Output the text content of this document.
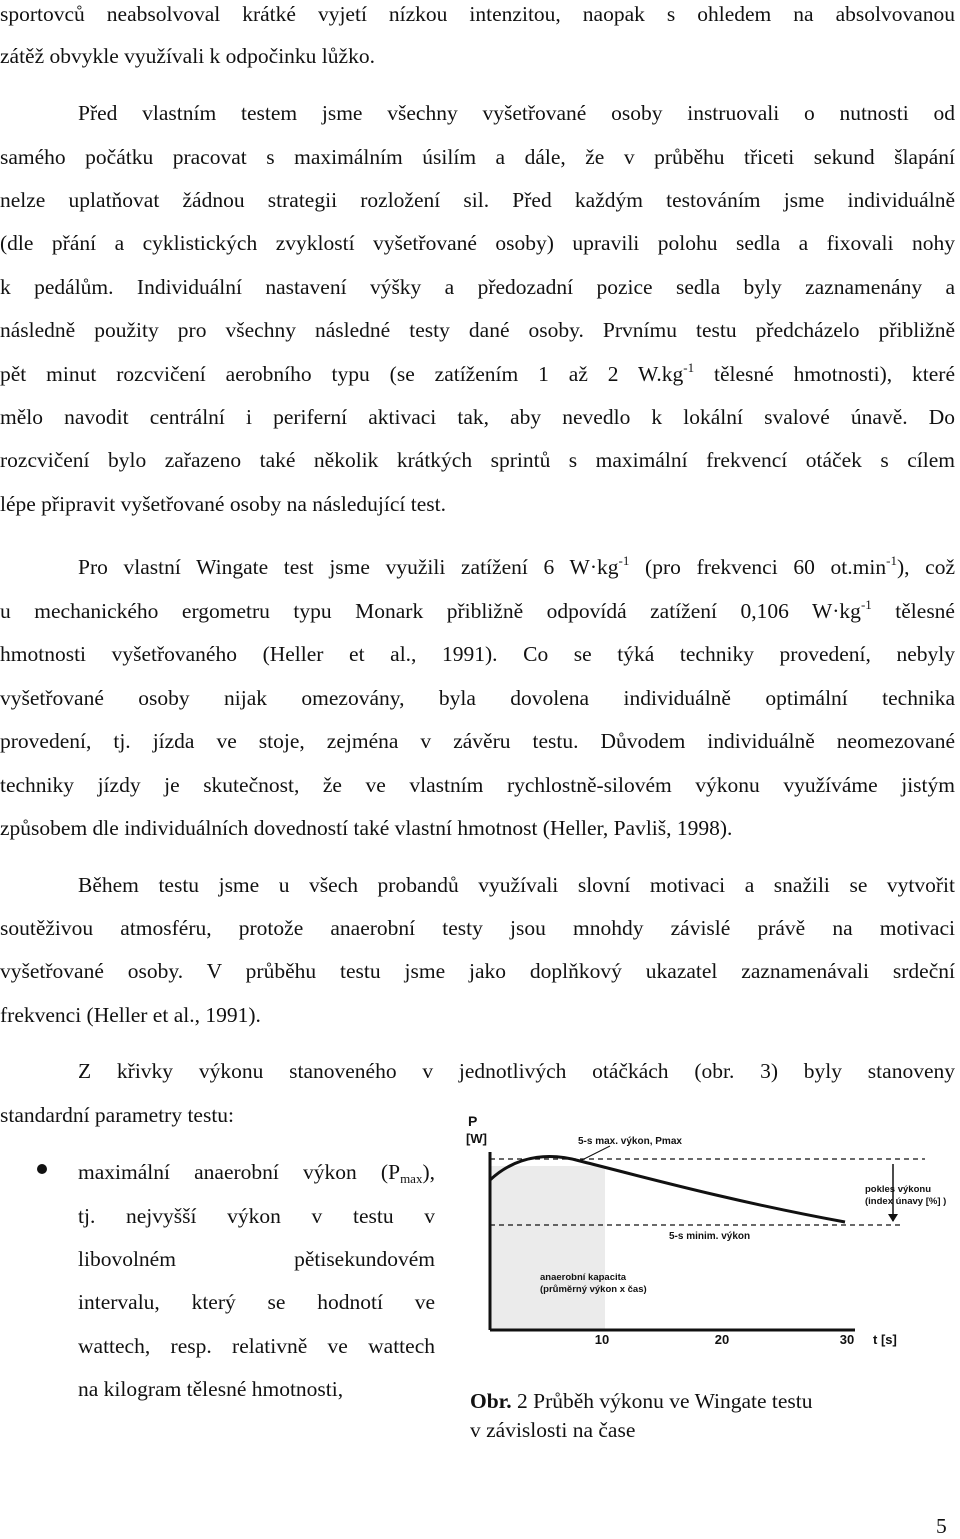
sportovců neabsolvoval krátké vyjetí nízkou intenzitou, naopak s ohledem na absolvovanou
zátěž obvykle využívali k odpočinku lůžko.
Před vlastním testem jsme všechny vyšetřované osoby instruovali o nutnosti od
samého počátku pracovat s maximálním úsilím a dále, že v průběhu třiceti sekund šlapání
nelze uplatňovat žádnou strategii rozložení sil. Před každým testováním jsme individuálně
(dle přání a cyklistických zvyklostí vyšetřované osoby) upravili polohu sedla a fixovali nohy
k pedálům. Individuální nastavení výšky a předozadní pozice sedla byly zaznamenány a
následně použity pro všechny následné testy dané osoby. Prvnímu testu předcházelo přibližně
pět minut rozcvičení aerobního typu (se zatížením 1 až 2 $W.kg^{-1}$ tělesné hmotnosti), které
mělo navodit centrální i periferní aktivaci tak, aby nevedlo k lokální svalové únavě. Do
rozcvičení bylo zařazeno také několik krátkých sprintů s maximální frekvencí otáček s cílem
lépe připravit vyšetřované osoby na následující test.
Pro vlastní Wingate test jsme využili zatížení 6 $W\cdot kg^{-1}$ (pro frekvenci 60 $ot.\min^{-1}$), což
u mechanického ergometru typu Monark přibližně odpovídá zatížení 0,106 $W\cdot kg^{-1}$ tělesné
hmotnosti vyšetřovaného (Heller et al., 1991). Co se týká techniky provedení, nebyly
vyšetřované osoby nijak omezovány, byla dovolena individuálně optimální technika
provedení, tj. jízda ve stoje, zejména v závěru testu. Důvodem individuálně neomezované
techniky jízdy je skutečnost, že ve vlastním rychlostně-silovém výkonu využíváme jistým
způsobem dle individuálních dovedností také vlastní hmotnost (Heller, Pavliš, 1998).
Během testu jsme u všech probandů využívali slovní motivaci a snažili se vytvořit
soutěživou atmosféru, protože anaerobní testy jsou mnohdy závislé právě na motivaci
vyšetřované osoby. V průběhu testu jsme jako doplňkový ukazatel zaznamenávali srdeční
frekvenci (Heller et al., 1991).
Z křivky výkonu stanoveného v jednotlivých otáčkách (obr. 3) byly stanoveny
standardní parametry testu:
maximální anaerobní výkon $(P_{max})$,
tj. nejvyšší výkon v testu v
libovolném pětisekundovém
intervalu, který se hodnotí ve
wattech, resp. relativně ve wattech
na kilogram tělesné hmotnosti,
P
[W]	5-s max. výkon, Pmax
5-s minim. výkon
pokles výkonu
(index únavy [%] )
anaerobní kapacita
(průměrný výkon x čas)
10	20	30 t [s]
Obr. 2 Průběh výkonu ve Wingate testu
v závislosti na čase
5
